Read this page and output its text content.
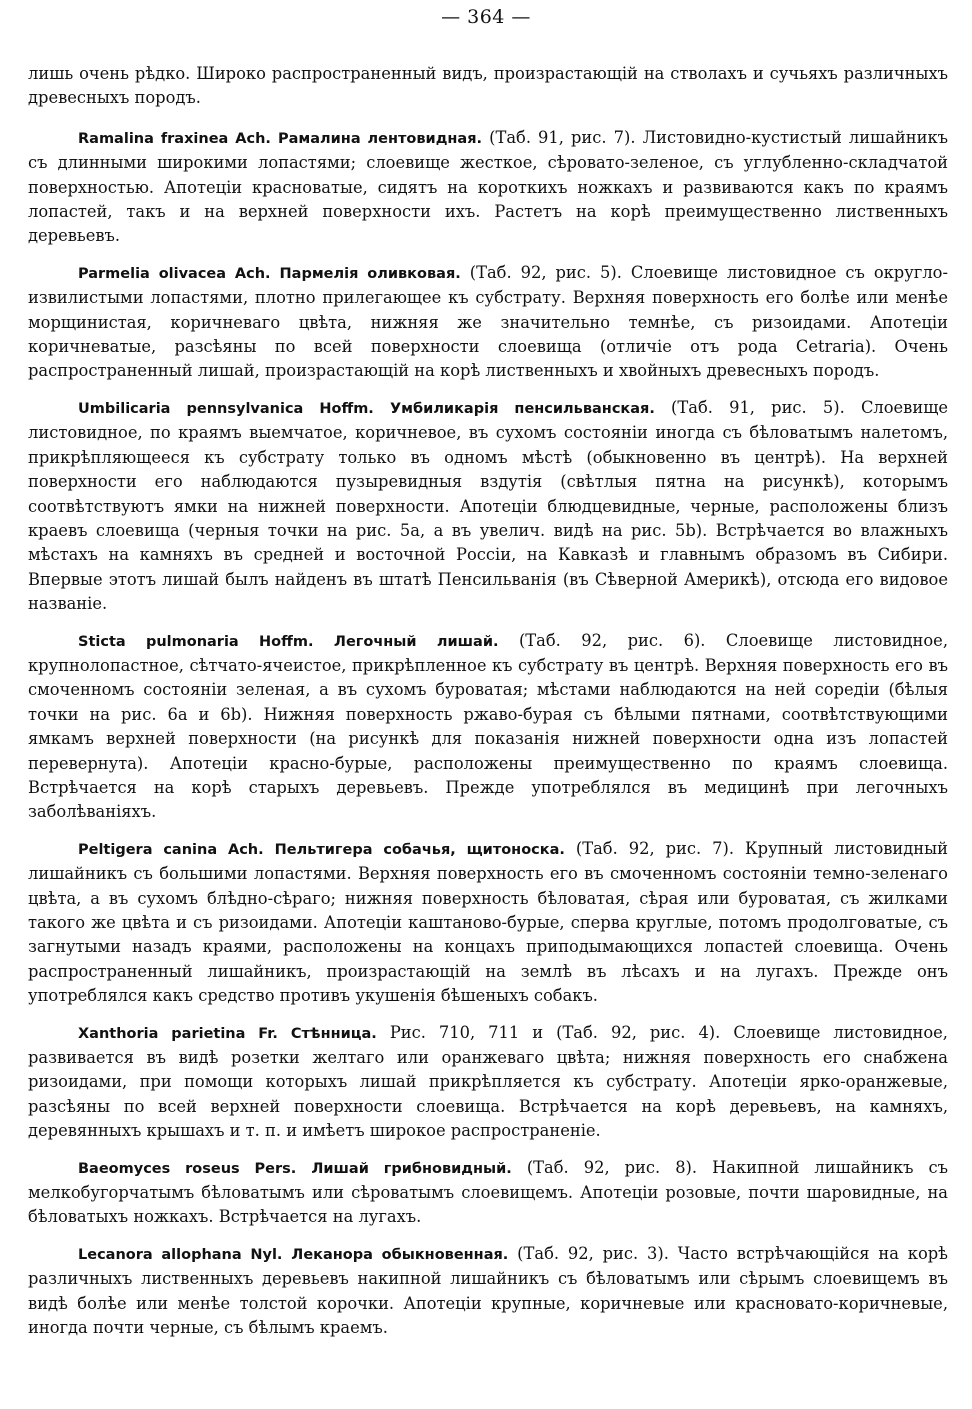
— 364 —

лишь очень рѣдко. Широко распространенный видъ, произрастающій на стволахъ и сучьяхъ различныхъ древесныхъ породъ.

Ramalina fraxinea Ach. Рамалина лентовидная. (Таб. 91, рис. 7). Листовидно-кустистый лишайникъ съ длинными широкими лопастями; слоевище жесткое, сѣровато-зеленое, съ углубленно-складчатой поверхностью. Апотеціи красноватые, сидятъ на короткихъ ножкахъ и развиваются какъ по краямъ лопастей, такъ и на верхней поверхности ихъ. Растетъ на корѣ преимущественно лиственныхъ деревьевъ.

Parmelia olivacea Ach. Пармелія оливковая. (Таб. 92, рис. 5). Слоевище листовидное съ округло-извилистыми лопастями, плотно прилегающее къ субстрату. Верхняя поверхность его болѣе или менѣе морщинистая, коричневаго цвѣта, нижняя же значительно темнѣе, съ ризоидами. Апотеціи коричневатые, разсѣяны по всей поверхности слоевища (отличіе отъ рода Cetraria). Очень распространенный лишай, произрастающій на корѣ лиственныхъ и хвойныхъ древесныхъ породъ.

Umbilicaria pennsylvanica Hoffm. Умбиликарія пенсильванская. (Таб. 91, рис. 5). Слоевище листовидное, по краямъ выемчатое, коричневое, въ сухомъ состояніи иногда съ бѣловатымъ налетомъ, прикрѣпляющееся къ субстрату только въ одномъ мѣстѣ (обыкновенно въ центрѣ). На верхней поверхности его наблюдаются пузыревидныя вздутія (свѣтлыя пятна на рисункѣ), которымъ соотвѣтствуютъ ямки на нижней поверхности. Апотеціи блюдцевидные, черные, расположены близъ краевъ слоевища (черныя точки на рис. 5a, а въ увелич. видѣ на рис. 5b). Встрѣчается во влажныхъ мѣстахъ на камняхъ въ средней и восточной Россіи, на Кавказѣ и главнымъ образомъ въ Сибири. Впервые этотъ лишай былъ найденъ въ штатѣ Пенсильванія (въ Сѣверной Америкѣ), отсюда его видовое названіе.

Sticta pulmonaria Hoffm. Легочный лишай. (Таб. 92, рис. 6). Слоевище листовидное, крупнолопастное, сѣтчато-ячеистое, прикрѣпленное къ субстрату въ центрѣ. Верхняя поверхность его въ смоченномъ состояніи зеленая, а въ сухомъ буроватая; мѣстами наблюдаются на ней соредіи (бѣлыя точки на рис. 6a и 6b). Нижняя поверхность ржаво-бурая съ бѣлыми пятнами, соотвѣтствующими ямкамъ верхней поверхности (на рисункѣ для показанія нижней поверхности одна изъ лопастей перевернута). Апотеціи красно-бурые, расположены преимущественно по краямъ слоевища. Встрѣчается на корѣ старыхъ деревьевъ. Прежде употреблялся въ медицинѣ при легочныхъ заболѣваніяхъ.

Peltigera canina Ach. Пельтигера собачья, щитоноска. (Таб. 92, рис. 7). Крупный листовидный лишайникъ съ большими лопастями. Верхняя поверхность его въ смоченномъ состояніи темно-зеленаго цвѣта, а въ сухомъ блѣдно-сѣраго; нижняя поверхность бѣловатая, сѣрая или буроватая, съ жилками такого же цвѣта и съ ризоидами. Апотеціи каштаново-бурые, сперва круглые, потомъ продолговатые, съ загнутыми назадъ краями, расположены на концахъ приподымающихся лопастей слоевища. Очень распространенный лишайникъ, произрастающій на землѣ въ лѣсахъ и на лугахъ. Прежде онъ употреблялся какъ средство противъ укушенія бѣшеныхъ собакъ.

Xanthoria parietina Fr. Стѣнница. Рис. 710, 711 и (Таб. 92, рис. 4). Слоевище листовидное, развивается въ видѣ розетки желтаго или оранжеваго цвѣта; нижняя поверхность его снабжена ризоидами, при помощи которыхъ лишай прикрѣпляется къ субстрату. Апотеціи ярко-оранжевые, разсѣяны по всей верхней поверхности слоевища. Встрѣчается на корѣ деревьевъ, на камняхъ, деревянныхъ крышахъ и т. п. и имѣетъ широкое распространеніе.

Baeomyces roseus Pers. Лишай грибновидный. (Таб. 92, рис. 8). Накипной лишайникъ съ мелкобугорчатымъ бѣловатымъ или сѣроватымъ слоевищемъ. Апотеціи розовые, почти шаровидные, на бѣловатыхъ ножкахъ. Встрѣчается на лугахъ.

Lecanora allophana Nyl. Леканора обыкновенная. (Таб. 92, рис. 3). Часто встрѣчающійся на корѣ различныхъ лиственныхъ деревьевъ накипной лишайникъ съ бѣловатымъ или сѣрымъ слоевищемъ въ видѣ болѣе или менѣе толстой корочки. Апотеціи крупные, коричневые или красновато-коричневые, иногда почти черные, съ бѣлымъ краемъ.
